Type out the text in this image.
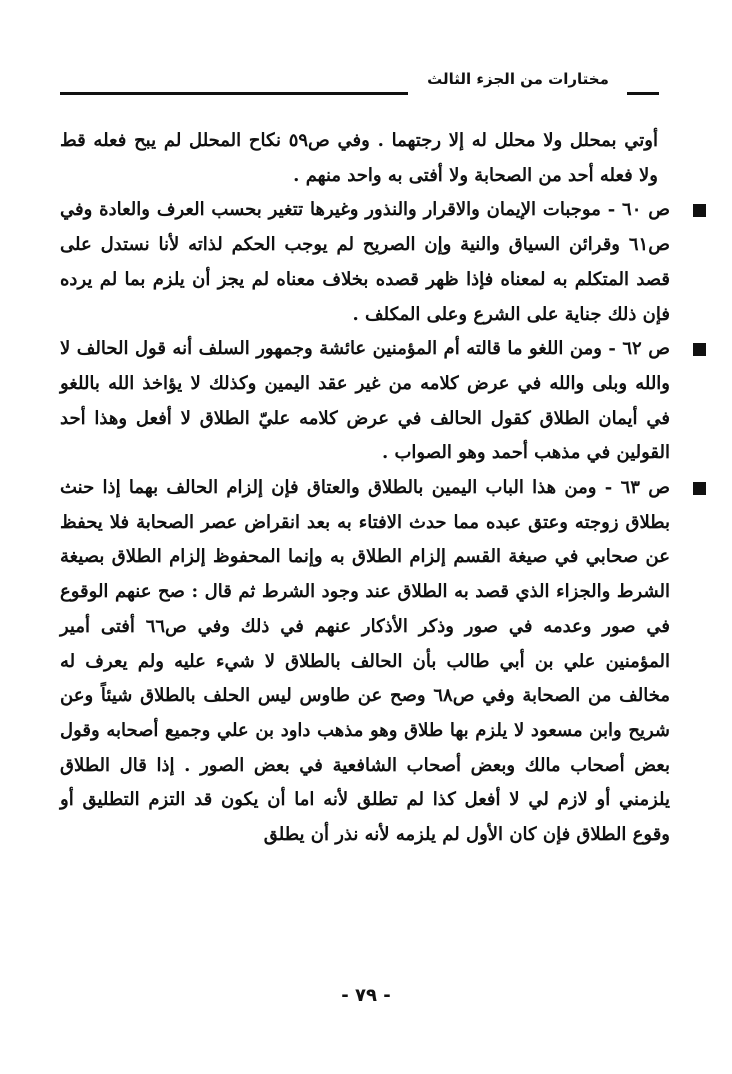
مختارات من الجزء الثالث

أوتي بمحلل ولا محلل له إلا رجتهما . وفي ص٥٩ نكاح المحلل لم يبح فعله قط ولا فعله أحد من الصحابة ولا أفتى به واحد منهم .

ص ٦٠ - موجبات الإيمان والاقرار والنذور وغيرها تتغير بحسب العرف والعادة وفي ص٦١ وقرائن السياق والنية وإن الصريح لم يوجب الحكم لذاته لأنا نستدل على قصد المتكلم به لمعناه فإذا ظهر قصده بخلاف معناه لم يجز أن يلزم بما لم يرده فإن ذلك جناية على الشرع وعلى المكلف .
ص ٦٢ - ومن اللغو ما قالته أم المؤمنين عائشة وجمهور السلف أنه قول الحالف لا والله وبلى والله في عرض كلامه من غير عقد اليمين وكذلك لا يؤاخذ الله باللغو في أيمان الطلاق كقول الحالف في عرض كلامه عليّ الطلاق لا أفعل وهذا أحد القولين في مذهب أحمد وهو الصواب .
ص ٦٣ - ومن هذا الباب اليمين بالطلاق والعتاق فإن إلزام الحالف بهما إذا حنث بطلاق زوجته وعتق عبده مما حدث الافتاء به بعد انقراض عصر الصحابة فلا يحفظ عن صحابي في صيغة القسم إلزام الطلاق به وإنما المحفوظ إلزام الطلاق بصيغة الشرط والجزاء الذي قصد به الطلاق عند وجود الشرط ثم قال : صح عنهم الوقوع في صور وعدمه في صور وذكر الأذكار عنهم في ذلك وفي ص٦٦ أفتى أمير المؤمنين علي بن أبي طالب بأن الحالف بالطلاق لا شيء عليه ولم يعرف له مخالف من الصحابة وفي ص٦٨ وصح عن طاوس ليس الحلف بالطلاق شيئاً وعن شريح وابن مسعود لا يلزم بها طلاق وهو مذهب داود بن علي وجميع أصحابه وقول بعض أصحاب مالك وبعض أصحاب الشافعية في بعض الصور . إذا قال الطلاق يلزمني أو لازم لي لا أفعل كذا لم تطلق لأنه اما أن يكون قد التزم التطليق أو وقوع الطلاق فإن كان الأول لم يلزمه لأنه نذر أن يطلق
- ٧٩ -
